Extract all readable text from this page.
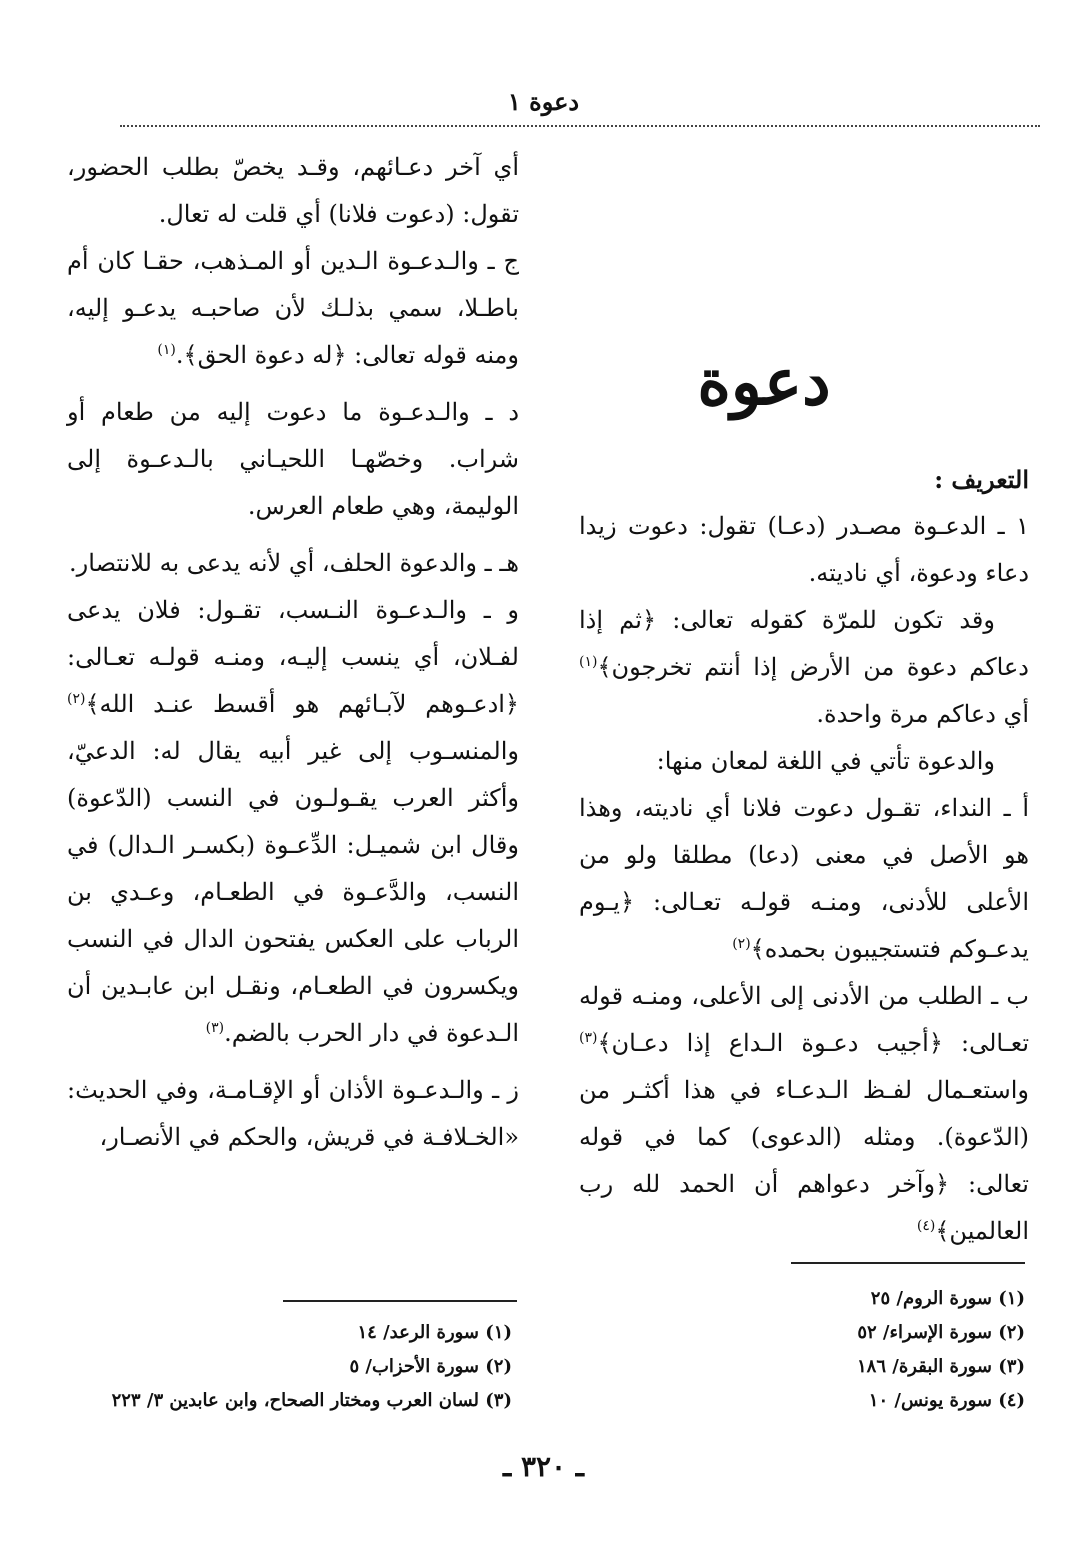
دعوة ١
دعوة

التعريف :

١ ـ الدعـوة مصـدر (دعـا) تقول: دعوت زيدا دعاء ودعوة، أي ناديته.

وقد تكون للمرّة كقوله تعالى: ﴿ثم إذا دعاكم دعوة من الأرض إذا أنتم تخرجون﴾$^{(١)}$ أي دعاكم مرة واحدة.

والدعوة تأتي في اللغة لمعان منها:

أ ـ النداء، تقـول دعوت فلانا أي ناديته، وهذا هو الأصل في معنى (دعا) مطلقا ولو من الأعلى للأدنى، ومنـه قولـه تعـالى: ﴿يـوم يدعـوكم فتستجيبون بحمده﴾$^{(٢)}$

ب ـ الطلب من الأدنى إلى الأعلى، ومنـه قوله تعـالى: ﴿أجيب دعـوة الـداع إذا دعـان﴾$^{(٣)}$ واستعـمال لفـظ الـدعـاء في هذا أكثـر من (الدّعوة). ومثله (الدعوى) كما في قوله تعالى: ﴿وآخر دعواهم أن الحمد لله رب العالمين﴾$^{(٤)}$

أي آخر دعـائهم، وقـد يخصّ بطلب الحضور، تقول: (دعوت فلانا) أي قلت له تعال.

ج ـ والـدعـوة الـدين أو المـذهب، حقـا كان أم باطـلا، سمي بذلـك لأن صاحبـه يدعـو إليه، ومنه قوله تعالى: ﴿له دعوة الحق﴾.$^{(١)}$

د ـ والـدعـوة ما دعوت إليه من طعام أو شراب. وخصّهـا اللحيـاني بالـدعـوة إلى الوليمة، وهي طعام العرس.

هـ ـ والدعوة الحلف، أي لأنه يدعى به للانتصار.

و ـ والـدعـوة النـسب، تقـول: فلان يدعى لفـلان، أي ينسب إليـه، ومنـه قولـه تعـالى: ﴿ادعـوهم لآبـائهم هو أقسط عنـد الله﴾$^{(٢)}$ والمنسـوب إلى غير أبيه يقال له: الدعيّ، وأكثر العرب يقـولـون في النسب (الدّعوة) وقال ابن شميـل: الدِّعـوة (بكسـر الـدال) في النسب، والدَّعـوة في الطعـام، وعـدي بن الرباب على العكس يفتحون الدال في النسب ويكسرون في الطعـام، ونقـل ابن عابـدين أن الـدعوة في دار الحرب بالضم.$^{(٣)}$

ز ـ والـدعـوة الأذان أو الإقـامـة، وفي الحديث: «الخـلافـة في قريش، والحكم في الأنصـار،

(١) سورة الروم/ ٢٥
(٢) سورة الإسراء/ ٥٢
(٣) سورة البقرة/ ١٨٦
(٤) سورة يونس/ ١٠
(١) سورة الرعد/ ١٤
(٢) سورة الأحزاب/ ٥
(٣) لسان العرب ومختار الصحاح، وابن عابدين ٣/ ٢٢٣
ـ ٣٢٠ ـ
